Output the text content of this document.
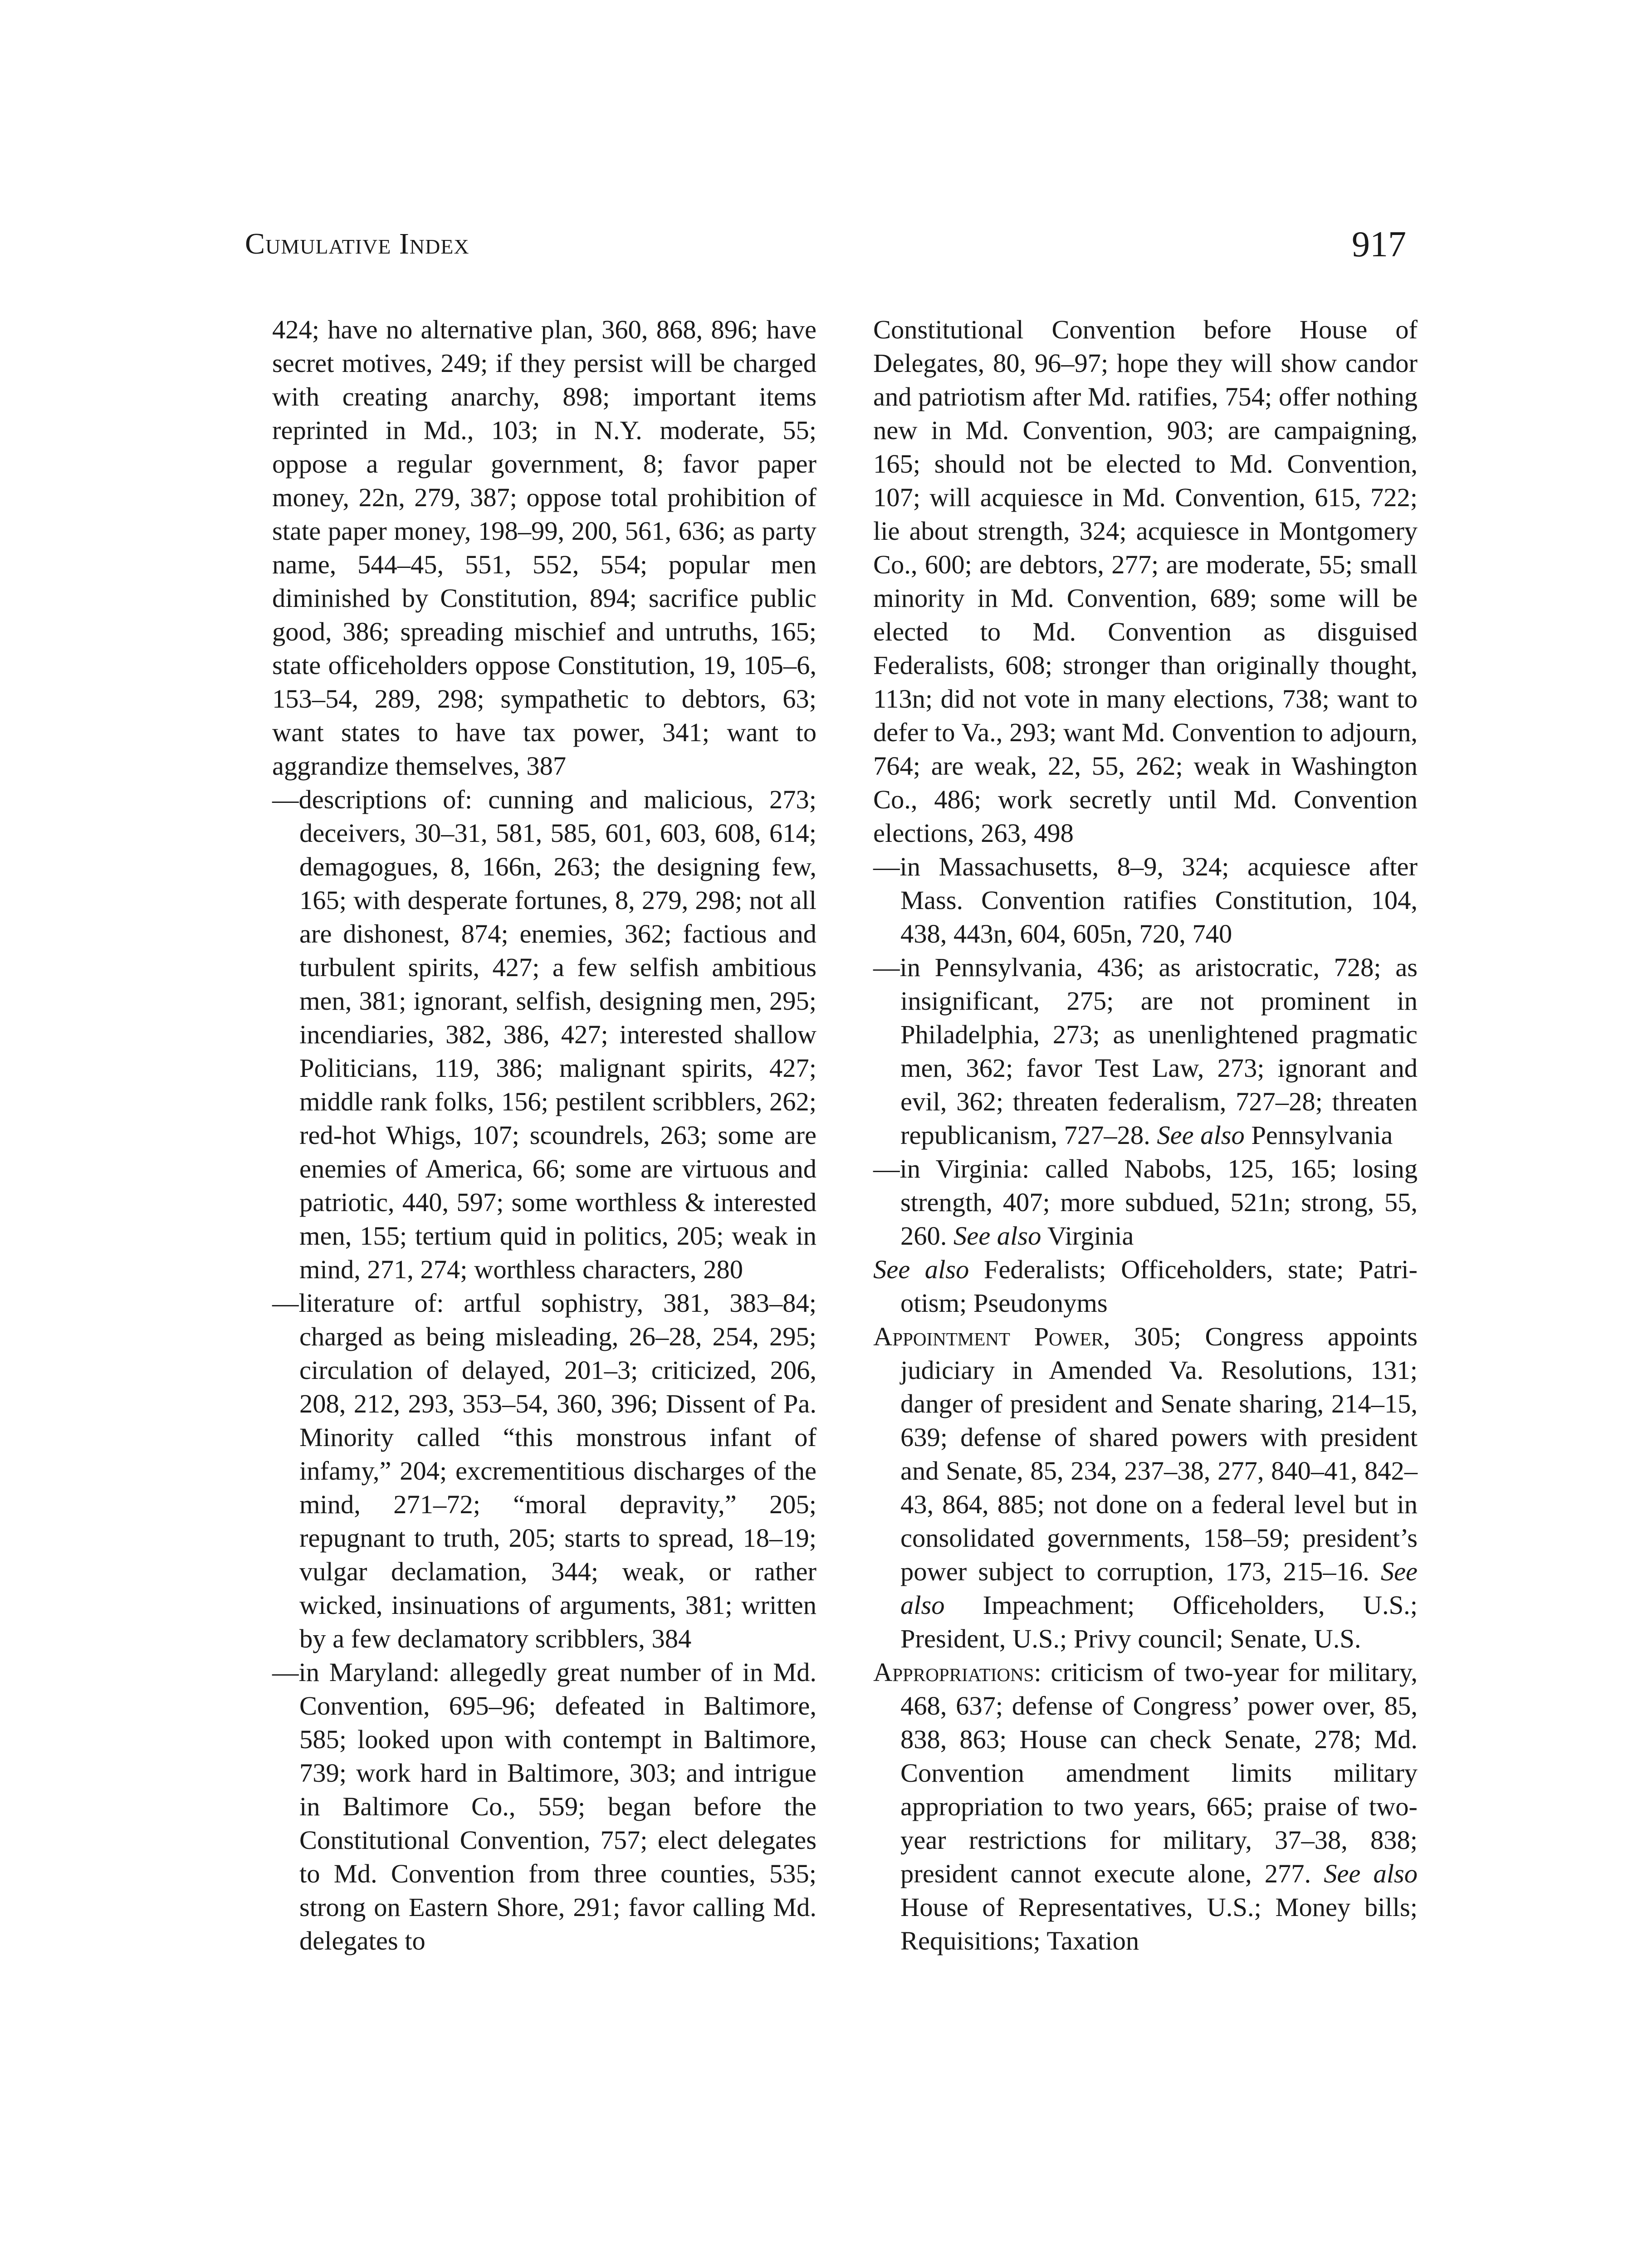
Cumulative Index	917

424; have no alternative plan, 360, 868, 896; have secret motives, 249; if they persist will be charged with creating anarchy, 898; important items reprinted in Md., 103; in N.Y. moderate, 55; oppose a regular government, 8; favor paper money, 22n, 279, 387; oppose total prohibition of state paper money, 198–99, 200, 561, 636; as party name, 544–45, 551, 552, 554; popular men diminished by Constitution, 894; sacrifice public good, 386; spreading mischief and untruths, 165; state officeholders oppose Constitution, 19, 105–6, 153–54, 289, 298; sympathetic to debtors, 63; want states to have tax power, 341; want to aggrandize themselves, 387

—descriptions of: cunning and malicious, 273; deceivers, 30–31, 581, 585, 601, 603, 608, 614; demagogues, 8, 166n, 263; the designing few, 165; with desperate fortunes, 8, 279, 298; not all are dishonest, 874; enemies, 362; factious and turbulent spirits, 427; a few selfish ambitious men, 381; ignorant, selfish, designing men, 295; incendiaries, 382, 386, 427; interested shallow Politicians, 119, 386; malignant spirits, 427; middle rank folks, 156; pestilent scribblers, 262; red-hot Whigs, 107; scoundrels, 263; some are enemies of America, 66; some are virtuous and patriotic, 440, 597; some worthless & interested men, 155; tertium quid in politics, 205; weak in mind, 271, 274; worthless characters, 280

—literature of: artful sophistry, 381, 383–84; charged as being misleading, 26–28, 254, 295; circulation of delayed, 201–3; criticized, 206, 208, 212, 293, 353–54, 360, 396; Dissent of Pa. Minority called “this monstrous infant of infamy,” 204; excrementitious discharges of the mind, 271–72; “moral depravity,” 205; repugnant to truth, 205; starts to spread, 18–19; vulgar declamation, 344; weak, or rather wicked, insinuations of arguments, 381; written by a few declamatory scribblers, 384

—in Maryland: allegedly great number of in Md. Convention, 695–96; defeated in Baltimore, 585; looked upon with contempt in Baltimore, 739; work hard in Baltimore, 303; and intrigue in Baltimore Co., 559; began before the Constitutional Convention, 757; elect delegates to Md. Convention from three counties, 535; strong on Eastern Shore, 291; favor calling Md. delegates to

Constitutional Convention before House of Delegates, 80, 96–97; hope they will show candor and patriotism after Md. ratifies, 754; offer nothing new in Md. Convention, 903; are campaigning, 165; should not be elected to Md. Convention, 107; will acquiesce in Md. Convention, 615, 722; lie about strength, 324; acquiesce in Montgomery Co., 600; are debtors, 277; are moderate, 55; small minority in Md. Convention, 689; some will be elected to Md. Convention as disguised Federalists, 608; stronger than originally thought, 113n; did not vote in many elections, 738; want to defer to Va., 293; want Md. Convention to adjourn, 764; are weak, 22, 55, 262; weak in Washington Co., 486; work secretly until Md. Convention elections, 263, 498

—in Massachusetts, 8–9, 324; acquiesce after Mass. Convention ratifies Constitution, 104, 438, 443n, 604, 605n, 720, 740

—in Pennsylvania, 436; as aristocratic, 728; as insignificant, 275; are not prominent in Philadelphia, 273; as unenlightened pragmatic men, 362; favor Test Law, 273; ignorant and evil, 362; threaten federalism, 727–28; threaten republicanism, 727–28. See also Pennsylvania

—in Virginia: called Nabobs, 125, 165; losing strength, 407; more subdued, 521n; strong, 55, 260. See also Virginia

See also Federalists; Officeholders, state; Patriotism; Pseudonyms

Appointment Power, 305; Congress appoints judiciary in Amended Va. Resolutions, 131; danger of president and Senate sharing, 214–15, 639; defense of shared powers with president and Senate, 85, 234, 237–38, 277, 840–41, 842–43, 864, 885; not done on a federal level but in consolidated governments, 158–59; president’s power subject to corruption, 173, 215–16. See also Impeachment; Officeholders, U.S.; President, U.S.; Privy council; Senate, U.S.

Appropriations: criticism of two-year for military, 468, 637; defense of Congress’ power over, 85, 838, 863; House can check Senate, 278; Md. Convention amendment limits military appropriation to two years, 665; praise of two-year restrictions for military, 37–38, 838; president cannot execute alone, 277. See also House of Representatives, U.S.; Money bills; Requisitions; Taxation
